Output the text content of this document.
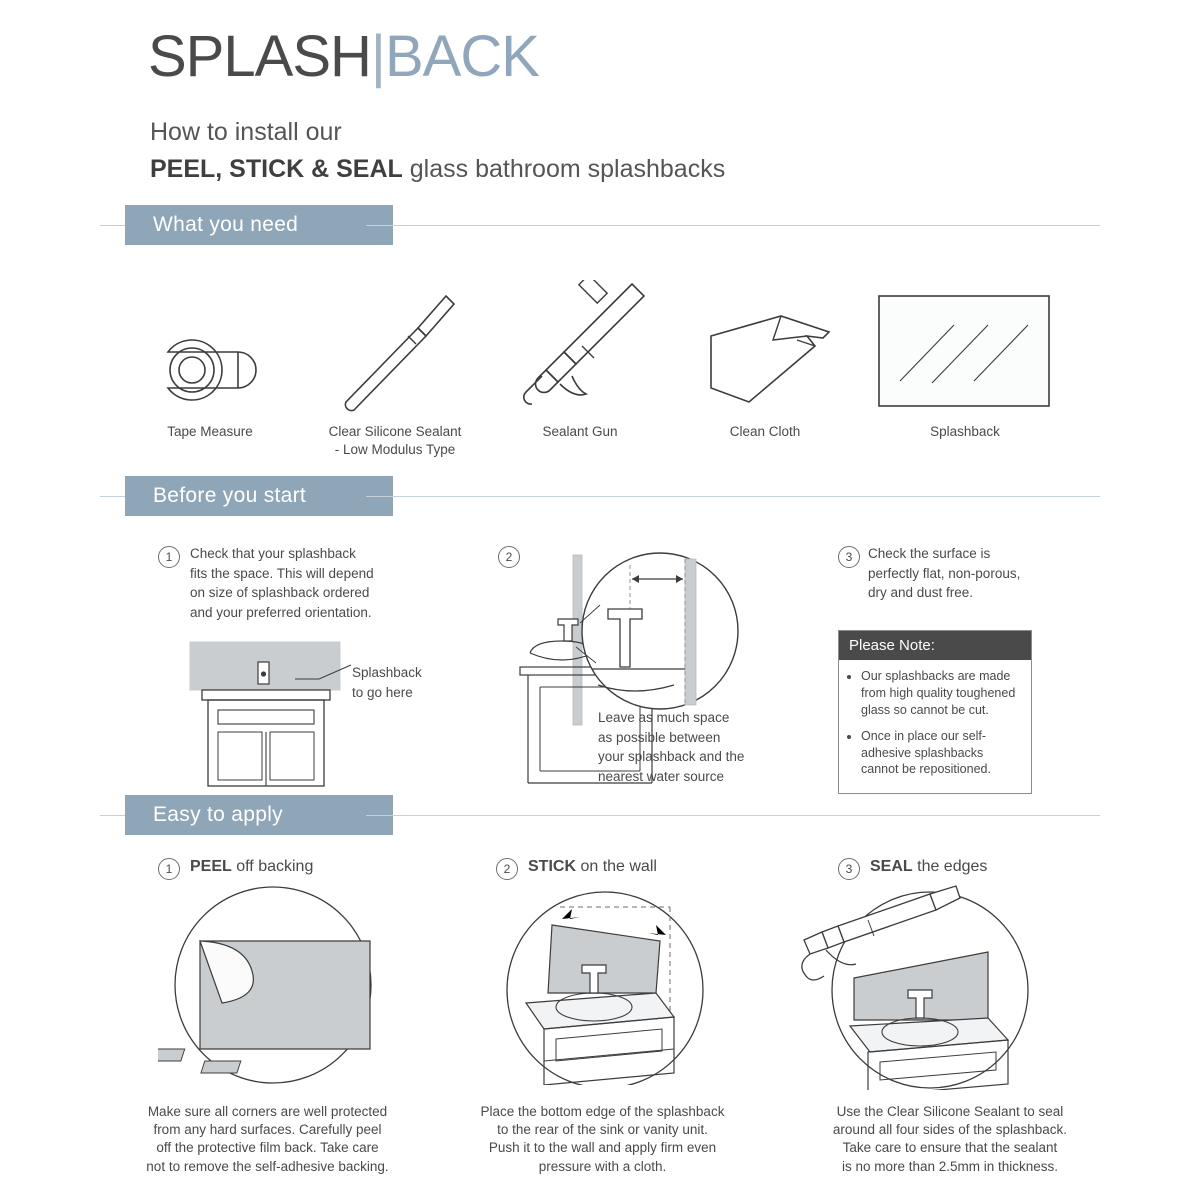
SPLASH|BACK
How to install our
PEEL, STICK & SEAL glass bathroom splashbacks
What you need
Tape Measure	Clear Silicone Sealant
- Low Modulus Type
Sealant Gun	Clean Cloth	Splashback
Before you start
1	Check that your splashback
fits the space. This will depend
on size of splashback ordered
and your preferred orientation.
Splashback
to go here
2
Leave as much space
as possible between
your splashback and the
nearest water source
3	Check the surface is
perfectly flat, non-porous,
dry and dust free.
Please Note:
• Our splashbacks are made from high quality toughened glass so cannot be cut.
• Once in place our self-adhesive splashbacks cannot be repositioned.
Easy to apply
1	PEEL off backing
Make sure all corners are well protected
from any hard surfaces. Carefully peel
off the protective film back. Take care
not to remove the self-adhesive backing.
2	STICK on the wall
Place the bottom edge of the splashback
to the rear of the sink or vanity unit.
Push it to the wall and apply firm even
pressure with a cloth.
3	SEAL the edges
Use the Clear Silicone Sealant to seal
around all four sides of the splashback.
Take care to ensure that the sealant
is no more than 2.5mm in thickness.
